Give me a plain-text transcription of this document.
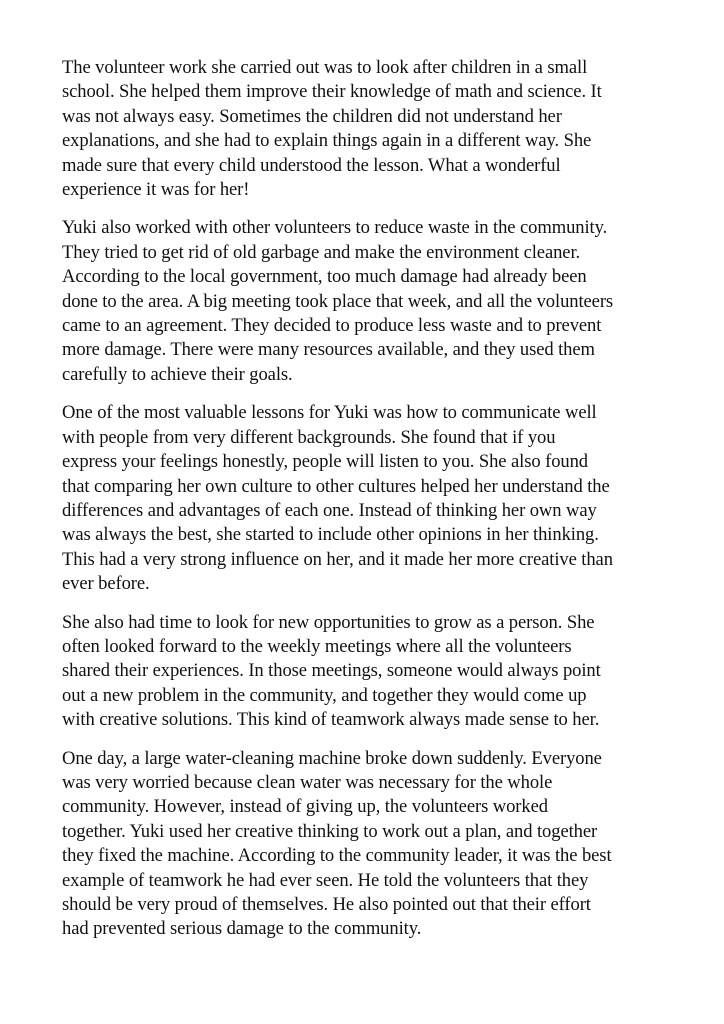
The volunteer work she carried out was to look after children in a small
school. She helped them improve their knowledge of math and science. It
was not always easy. Sometimes the children did not understand her
explanations, and she had to explain things again in a different way. She
made sure that every child understood the lesson. What a wonderful
experience it was for her!

Yuki also worked with other volunteers to reduce waste in the community.
They tried to get rid of old garbage and make the environment cleaner.
According to the local government, too much damage had already been
done to the area. A big meeting took place that week, and all the volunteers
came to an agreement. They decided to produce less waste and to prevent
more damage. There were many resources available, and they used them
carefully to achieve their goals.

One of the most valuable lessons for Yuki was how to communicate well
with people from very different backgrounds. She found that if you
express your feelings honestly, people will listen to you. She also found
that comparing her own culture to other cultures helped her understand the
differences and advantages of each one. Instead of thinking her own way
was always the best, she started to include other opinions in her thinking.
This had a very strong influence on her, and it made her more creative than
ever before.

She also had time to look for new opportunities to grow as a person. She
often looked forward to the weekly meetings where all the volunteers
shared their experiences. In those meetings, someone would always point
out a new problem in the community, and together they would come up
with creative solutions. This kind of teamwork always made sense to her.

One day, a large water-cleaning machine broke down suddenly. Everyone
was very worried because clean water was necessary for the whole
community. However, instead of giving up, the volunteers worked
together. Yuki used her creative thinking to work out a plan, and together
they fixed the machine. According to the community leader, it was the best
example of teamwork he had ever seen. He told the volunteers that they
should be very proud of themselves. He also pointed out that their effort
had prevented serious damage to the community.
